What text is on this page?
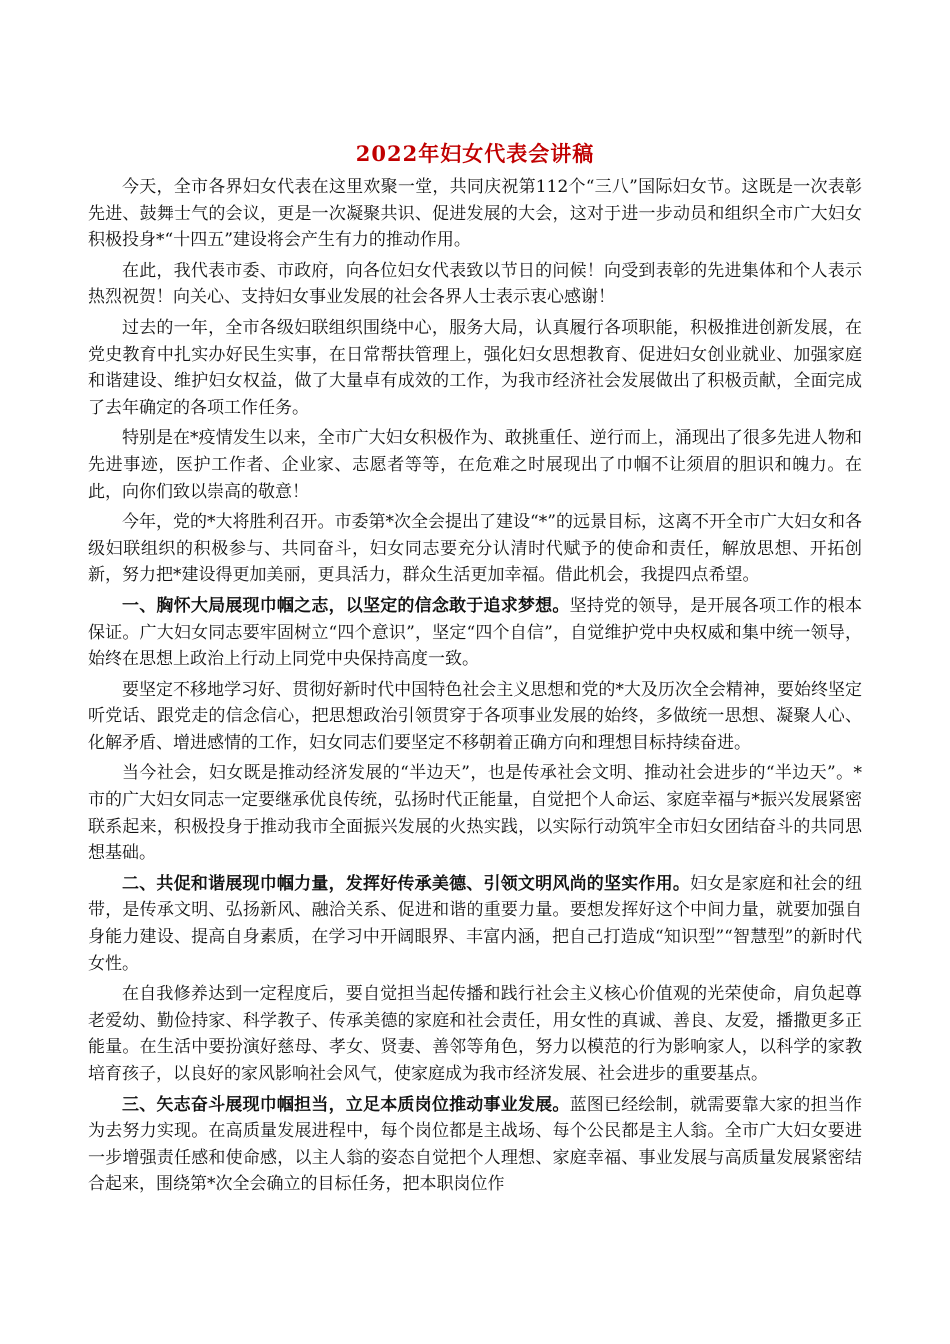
2022年妇女代表会讲稿

今天，全市各界妇女代表在这里欢聚一堂，共同庆祝第112个“三八”国际妇女节。这既是一次表彰先进、鼓舞士气的会议，更是一次凝聚共识、促进发展的大会，这对于进一步动员和组织全市广大妇女积极投身*“十四五”建设将会产生有力的推动作用。

在此，我代表市委、市政府，向各位妇女代表致以节日的问候！向受到表彰的先进集体和个人表示热烈祝贺！向关心、支持妇女事业发展的社会各界人士表示衷心感谢！

过去的一年，全市各级妇联组织围绕中心，服务大局，认真履行各项职能，积极推进创新发展，在党史教育中扎实办好民生实事，在日常帮扶管理上，强化妇女思想教育、促进妇女创业就业、加强家庭和谐建设、维护妇女权益，做了大量卓有成效的工作，为我市经济社会发展做出了积极贡献，全面完成了去年确定的各项工作任务。

特别是在*疫情发生以来，全市广大妇女积极作为、敢挑重任、逆行而上，涌现出了很多先进人物和先进事迹，医护工作者、企业家、志愿者等等，在危难之时展现出了巾帼不让须眉的胆识和魄力。在此，向你们致以崇高的敬意！

今年，党的*大将胜利召开。市委第*次全会提出了建设“*”的远景目标，这离不开全市广大妇女和各级妇联组织的积极参与、共同奋斗，妇女同志要充分认清时代赋予的使命和责任，解放思想、开拓创新，努力把*建设得更加美丽，更具活力，群众生活更加幸福。借此机会，我提四点希望。

一、胸怀大局展现巾帼之志，以坚定的信念敢于追求梦想。坚持党的领导，是开展各项工作的根本保证。广大妇女同志要牢固树立“四个意识”，坚定“四个自信”，自觉维护党中央权威和集中统一领导，始终在思想上政治上行动上同党中央保持高度一致。

要坚定不移地学习好、贯彻好新时代中国特色社会主义思想和党的*大及历次全会精神，要始终坚定听党话、跟党走的信念信心，把思想政治引领贯穿于各项事业发展的始终，多做统一思想、凝聚人心、化解矛盾、增进感情的工作，妇女同志们要坚定不移朝着正确方向和理想目标持续奋进。

当今社会，妇女既是推动经济发展的“半边天”，也是传承社会文明、推动社会进步的“半边天”。*市的广大妇女同志一定要继承优良传统，弘扬时代正能量，自觉把个人命运、家庭幸福与*振兴发展紧密联系起来，积极投身于推动我市全面振兴发展的火热实践，以实际行动筑牢全市妇女团结奋斗的共同思想基础。

二、共促和谐展现巾帼力量，发挥好传承美德、引领文明风尚的坚实作用。妇女是家庭和社会的纽带，是传承文明、弘扬新风、融洽关系、促进和谐的重要力量。要想发挥好这个中间力量，就要加强自身能力建设、提高自身素质，在学习中开阔眼界、丰富内涵，把自己打造成“知识型”“智慧型”的新时代女性。

在自我修养达到一定程度后，要自觉担当起传播和践行社会主义核心价值观的光荣使命，肩负起尊老爱幼、勤俭持家、科学教子、传承美德的家庭和社会责任，用女性的真诚、善良、友爱，播撒更多正能量。在生活中要扮演好慈母、孝女、贤妻、善邻等角色，努力以模范的行为影响家人，以科学的家教培育孩子，以良好的家风影响社会风气，使家庭成为我市经济发展、社会进步的重要基点。

三、矢志奋斗展现巾帼担当，立足本质岗位推动事业发展。蓝图已经绘制，就需要靠大家的担当作为去努力实现。在高质量发展进程中，每个岗位都是主战场、每个公民都是主人翁。全市广大妇女要进一步增强责任感和使命感，以主人翁的姿态自觉把个人理想、家庭幸福、事业发展与高质量发展紧密结合起来，围绕第*次全会确立的目标任务，把本职岗位作
